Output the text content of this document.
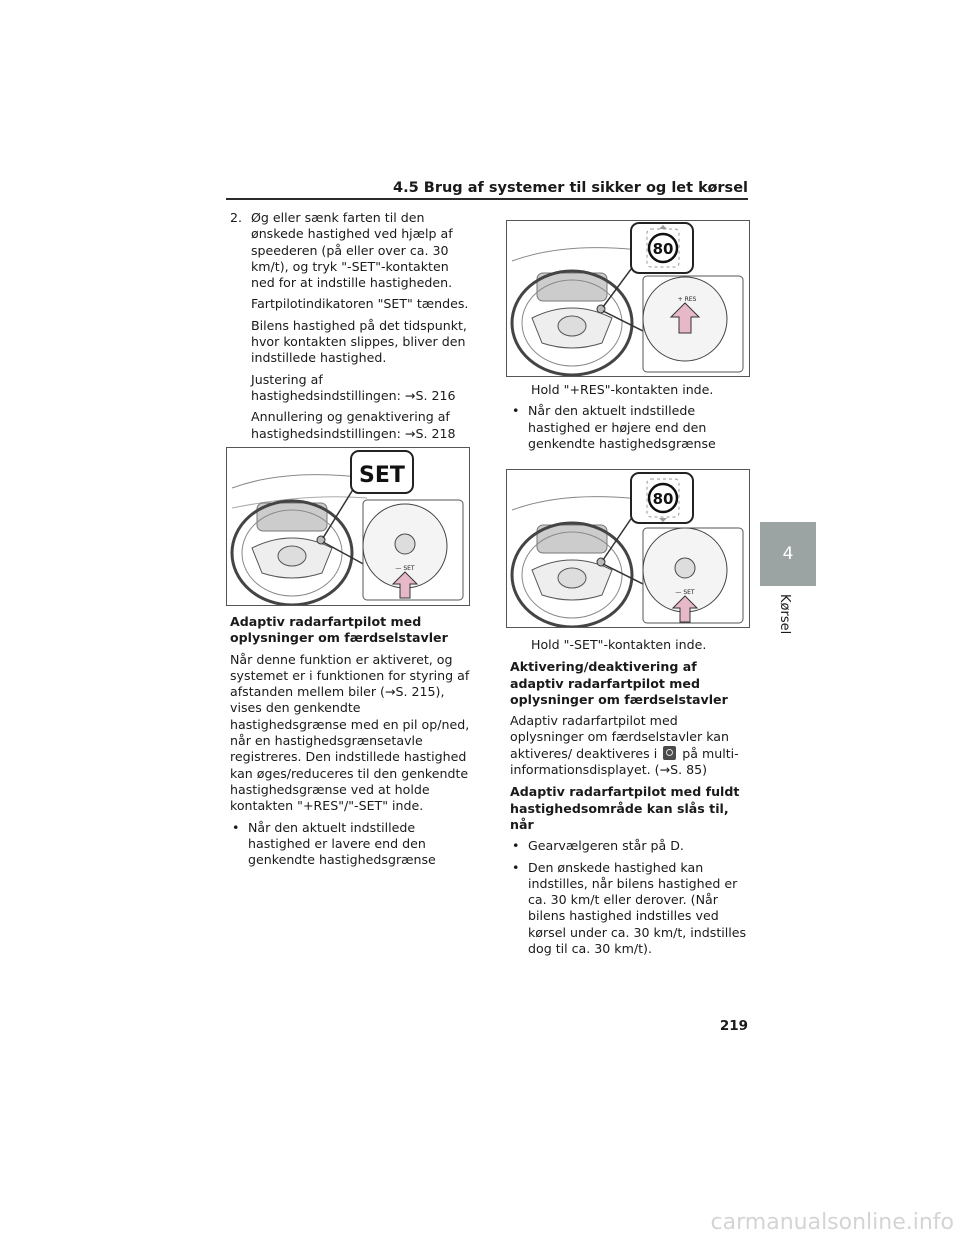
4.5 Brug af systemer til sikker og let kørsel
2. Øg eller sænk farten til den ønskede hastighed ved hjælp af speederen (på eller over ca. 30 km/t), og tryk "-SET"-kontakten ned for at indstille hastigheden.

Fartpilotindikatoren "SET" tændes.

Bilens hastighed på det tidspunkt, hvor kontakten slippes, bliver den indstillede hastighed.

Justering af hastighedsindstillingen: →S. 216

Annullering og genaktivering af hastighedsindstillingen: →S. 218

SET
— SET

Adaptiv radarfartpilot med oplysninger om færdselstavler

Når denne funktion er aktiveret, og systemet er i funktionen for styring af afstanden mellem biler (→S. 215), vises den genkendte hastighedsgrænse med en pil op/ned, når en hastighedsgrænsetavle registreres. Den indstillede hastighed kan øges/reduceres til den genkendte hastighedsgrænse ved at holde kontakten "+RES"/"-SET" inde.

• Når den aktuelt indstillede hastighed er lavere end den genkendte hastighedsgrænse
80
+ RES

Hold "+RES"-kontakten inde.

• Når den aktuelt indstillede hastighed er højere end den genkendte hastighedsgrænse
80
— SET

Hold "-SET"-kontakten inde.

Aktivering/deaktivering af adaptiv radarfartpilot med oplysninger om færdselstavler

Adaptiv radarfartpilot med oplysninger om færdselstavler kan aktiveres/ deaktiveres i på multi-informationsdisplayet. (→S. 85)

Adaptiv radarfartpilot med fuldt hastighedsområde kan slås til, når

• Gearvælgeren står på D.
• Den ønskede hastighed kan indstilles, når bilens hastighed er ca. 30 km/t eller derover. (Når bilens hastighed indstilles ved kørsel under ca. 30 km/t, indstilles dog til ca. 30 km/t).
4
Kørsel
219
carmanualsonline.info
